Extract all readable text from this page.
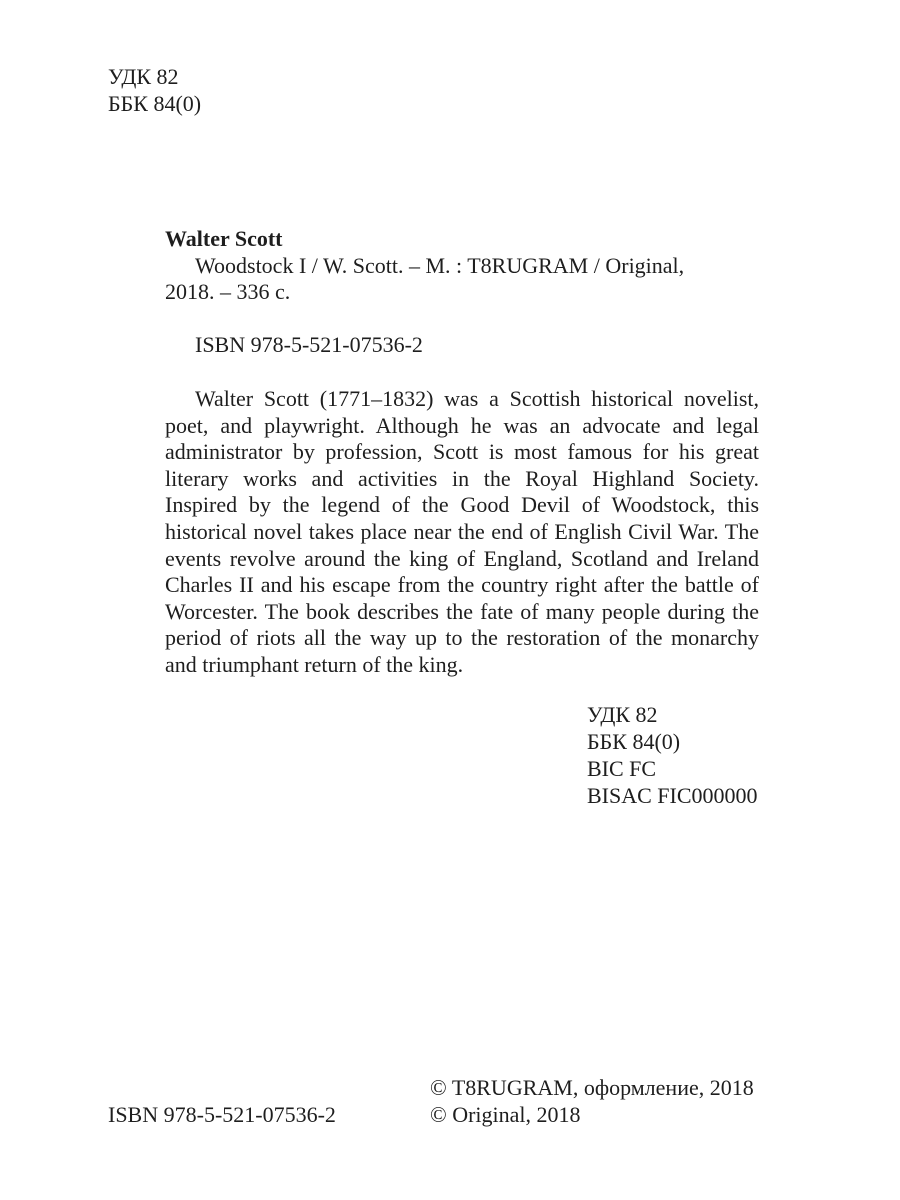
УДК 82
ББК 84(0)
Walter Scott
Woodstock I / W. Scott. – M. : T8RUGRAM / Original,
2018. – 336 с.
ISBN 978-5-521-07536-2

Walter Scott (1771–1832) was a Scottish historical novelist, poet, and playwright. Although he was an advocate and legal administrator by profession, Scott is most famous for his great literary works and activities in the Royal Highland Society. Inspired by the legend of the Good Devil of Woodstock, this historical novel takes place near the end of English Civil War. The events revolve around the king of England, Scotland and Ireland Charles II and his escape from the country right after the battle of Worcester. The book describes the fate of many people during the period of riots all the way up to the restoration of the monarchy and triumphant return of the king.

УДК 82
ББК 84(0)
BIC FC
BISAC FIC000000
ISBN 978-5-521-07536-2
© T8RUGRAM, оформление, 2018
© Original, 2018
